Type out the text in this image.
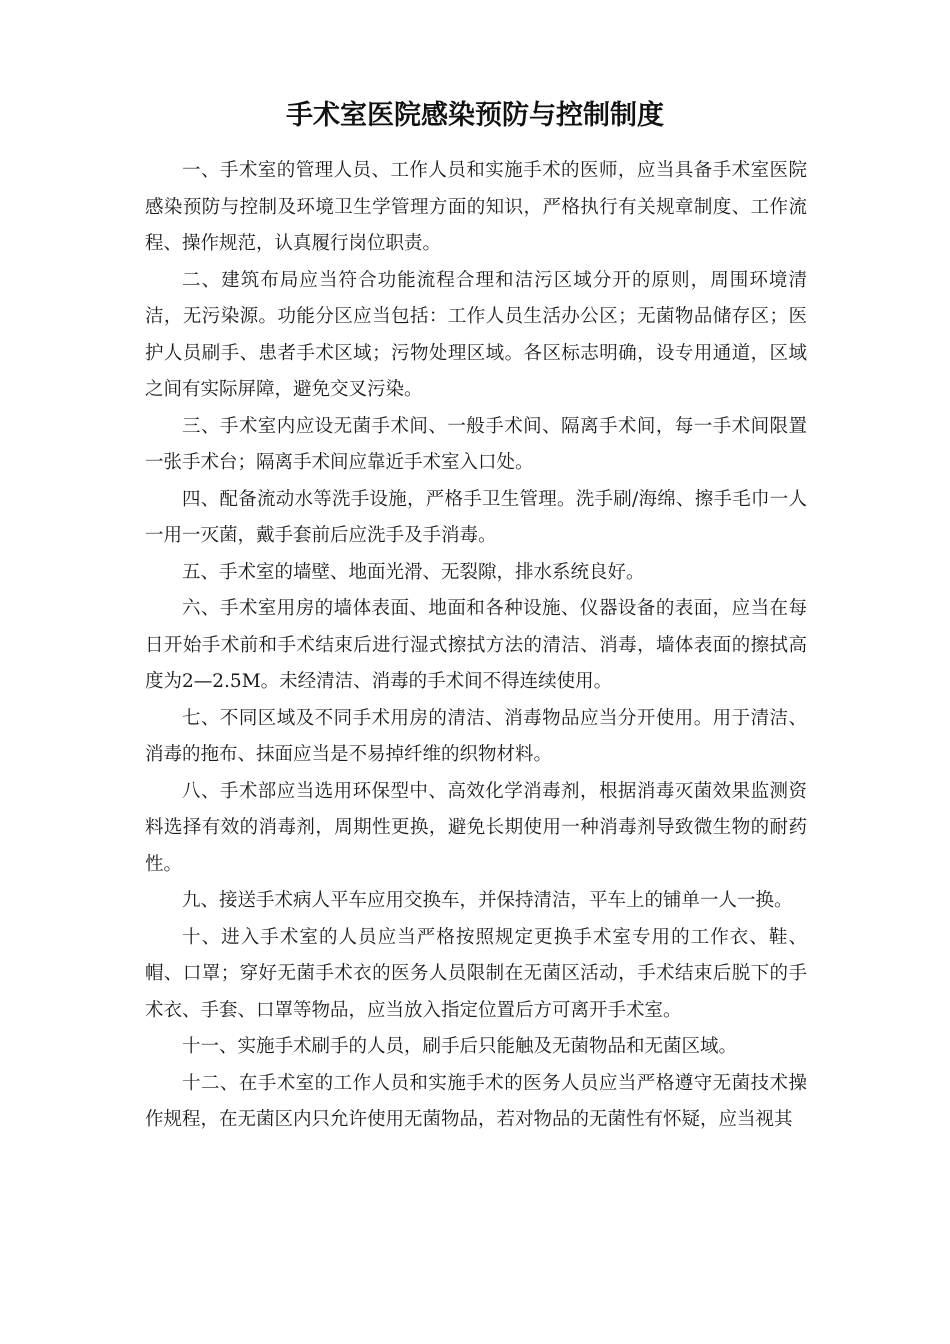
手术室医院感染预防与控制制度

一、手术室的管理人员、工作人员和实施手术的医师，应当具备手术室医院感染预防与控制及环境卫生学管理方面的知识，严格执行有关规章制度、工作流程、操作规范，认真履行岗位职责。

二、建筑布局应当符合功能流程合理和洁污区域分开的原则，周围环境清洁，无污染源。功能分区应当包括：工作人员生活办公区；无菌物品储存区；医护人员刷手、患者手术区域；污物处理区域。各区标志明确，设专用通道，区域之间有实际屏障，避免交叉污染。

三、手术室内应设无菌手术间、一般手术间、隔离手术间，每一手术间限置一张手术台；隔离手术间应靠近手术室入口处。

四、配备流动水等洗手设施，严格手卫生管理。洗手刷/海绵、擦手毛巾一人一用一灭菌，戴手套前后应洗手及手消毒。

五、手术室的墙壁、地面光滑、无裂隙，排水系统良好。

六、手术室用房的墙体表面、地面和各种设施、仪器设备的表面，应当在每日开始手术前和手术结束后进行湿式擦拭方法的清洁、消毒，墙体表面的擦拭高度为2—2.5M。未经清洁、消毒的手术间不得连续使用。

七、不同区域及不同手术用房的清洁、消毒物品应当分开使用。用于清洁、消毒的拖布、抹面应当是不易掉纤维的织物材料。

八、手术部应当选用环保型中、高效化学消毒剂，根据消毒灭菌效果监测资料选择有效的消毒剂，周期性更换，避免长期使用一种消毒剂导致微生物的耐药性。

九、接送手术病人平车应用交换车，并保持清洁，平车上的铺单一人一换。

十、进入手术室的人员应当严格按照规定更换手术室专用的工作衣、鞋、帽、口罩；穿好无菌手术衣的医务人员限制在无菌区活动，手术结束后脱下的手术衣、手套、口罩等物品，应当放入指定位置后方可离开手术室。

十一、实施手术刷手的人员，刷手后只能触及无菌物品和无菌区域。

十二、在手术室的工作人员和实施手术的医务人员应当严格遵守无菌技术操作规程，在无菌区内只允许使用无菌物品，若对物品的无菌性有怀疑，应当视其
